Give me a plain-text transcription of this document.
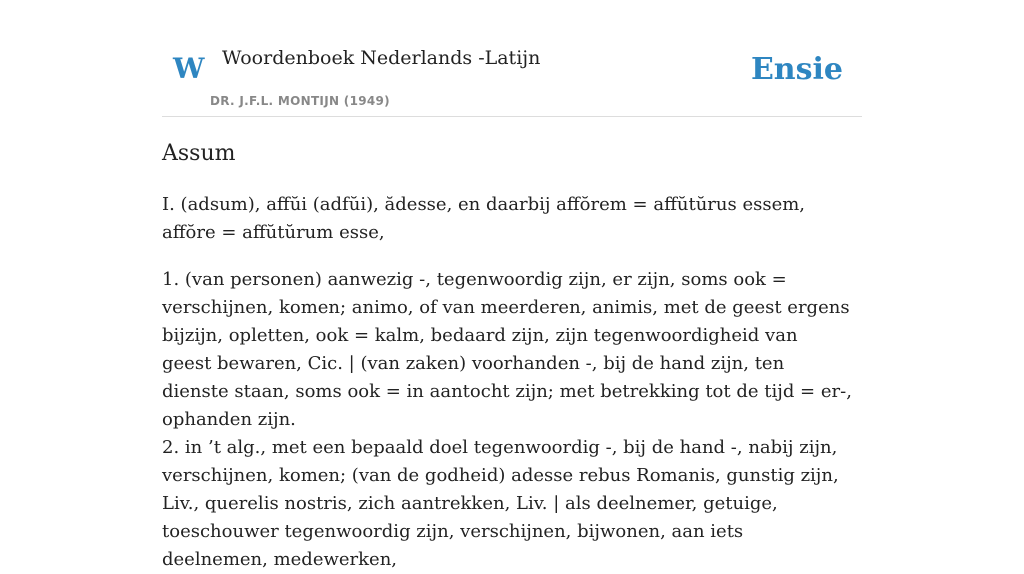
W Woordenboek Nederlands -Latijn
DR. J.F.L. MONTIJN (1949)
Ensie
Assum

I. (adsum), affŭi (adfŭi), ădesse, en daarbij affŏrem = affŭtŭrus essem, affŏre = affŭtŭrum esse,

1. (van personen) aanwezig -, tegenwoordig zijn, er zijn, soms ook = verschijnen, komen; animo, of van meerderen, animis, met de geest ergens bijzijn, opletten, ook = kalm, bedaard zijn, zijn tegenwoordigheid van geest bewaren, Cic. | (van zaken) voorhanden -, bij de hand zijn, ten dienste staan, soms ook = in aantocht zijn; met betrekking tot de tijd = er-, ophanden zijn.

2. in ’t alg., met een bepaald doel tegenwoordig -, bij de hand -, nabij zijn, verschijnen, komen; (van de godheid) adesse rebus Romanis, gunstig zijn, Liv., querelis nostris, zich aantrekken, Liv. | als deelnemer, getuige, toeschouwer tegenwoordig zijn, verschijnen, bijwonen, aan iets deelnemen, medewerken,
